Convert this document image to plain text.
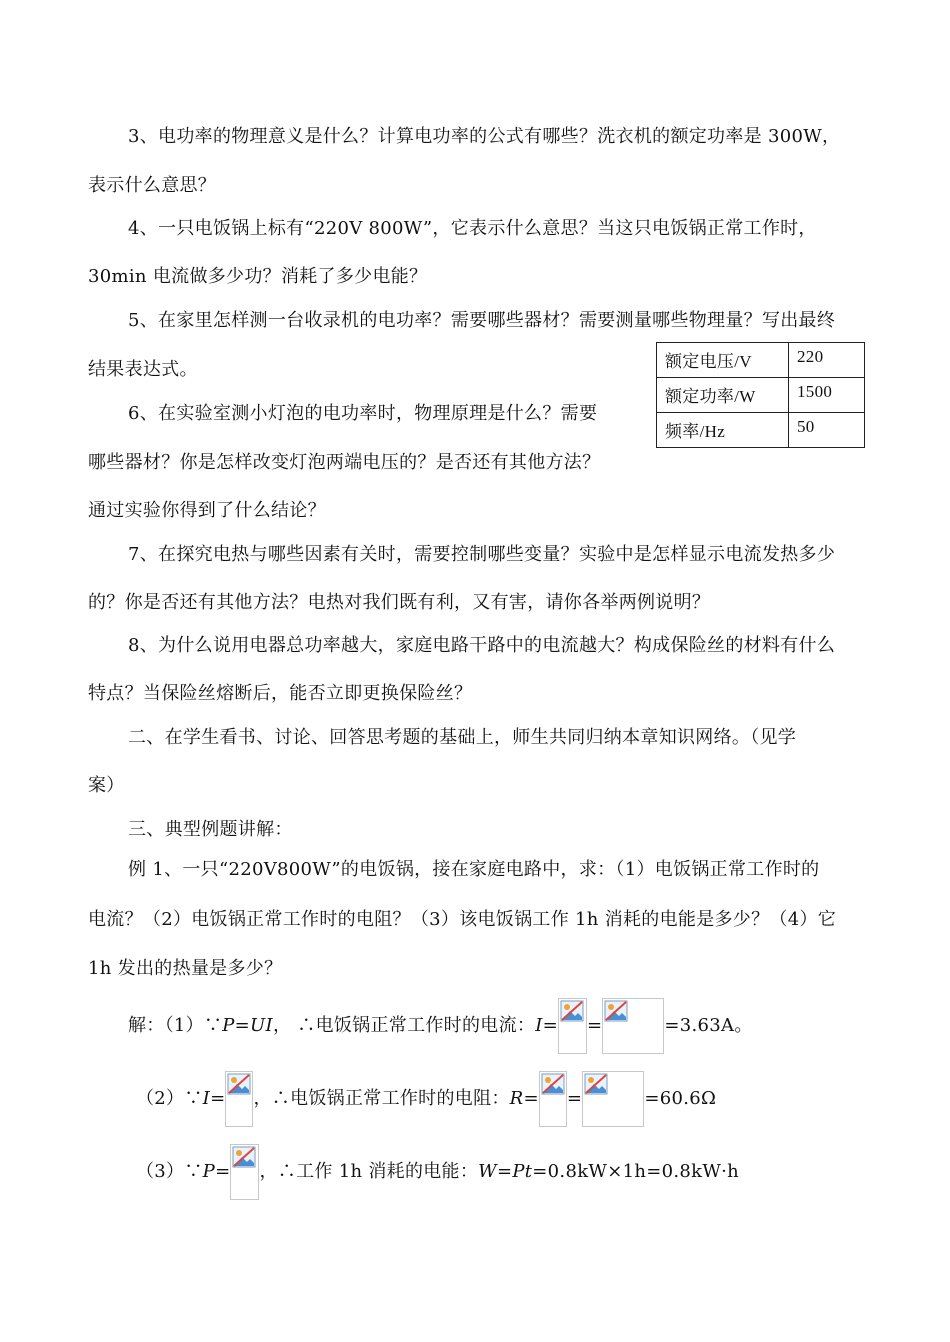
3、电功率的物理意义是什么？计算电功率的公式有哪些？洗衣机的额定功率是 300W，
表示什么意思？
4、一只电饭锅上标有“220V 800W”，它表示什么意思？当这只电饭锅正常工作时，
30min 电流做多少功？消耗了多少电能？
5、在家里怎样测一台收录机的电功率？需要哪些器材？需要测量哪些物理量？写出最终
结果表达式。	额定电压/V	220
额定功率/W	1500
频率/Hz	50
6、在实验室测小灯泡的电功率时，物理原理是什么？需要
哪些器材？你是怎样改变灯泡两端电压的？是否还有其他方法？
通过实验你得到了什么结论？
7、在探究电热与哪些因素有关时，需要控制哪些变量？实验中是怎样显示电流发热多少
的？你是否还有其他方法？电热对我们既有利，又有害，请你各举两例说明？
8、为什么说用电器总功率越大，家庭电路干路中的电流越大？构成保险丝的材料有什么
特点？当保险丝熔断后，能否立即更换保险丝？
二、在学生看书、讨论、回答思考题的基础上，师生共同归纳本章知识网络。（见学
案）
三、典型例题讲解：
例 1、一只“220V800W”的电饭锅，接在家庭电路中，求：（1）电饭锅正常工作时的
电流？（2）电饭锅正常工作时的电阻？（3）该电饭锅工作 1h 消耗的电能是多少？（4）它
1h 发出的热量是多少？
解：（1）∵P=UI， ∴电饭锅正常工作时的电流：I= =	=3.63A。
（2）∵I= ，∴电饭锅正常工作时的电阻：R= =	=60.6Ω
（3）∵P= ，∴工作 1h 消耗的电能：W=Pt=0.8kW×1h=0.8kW·h
